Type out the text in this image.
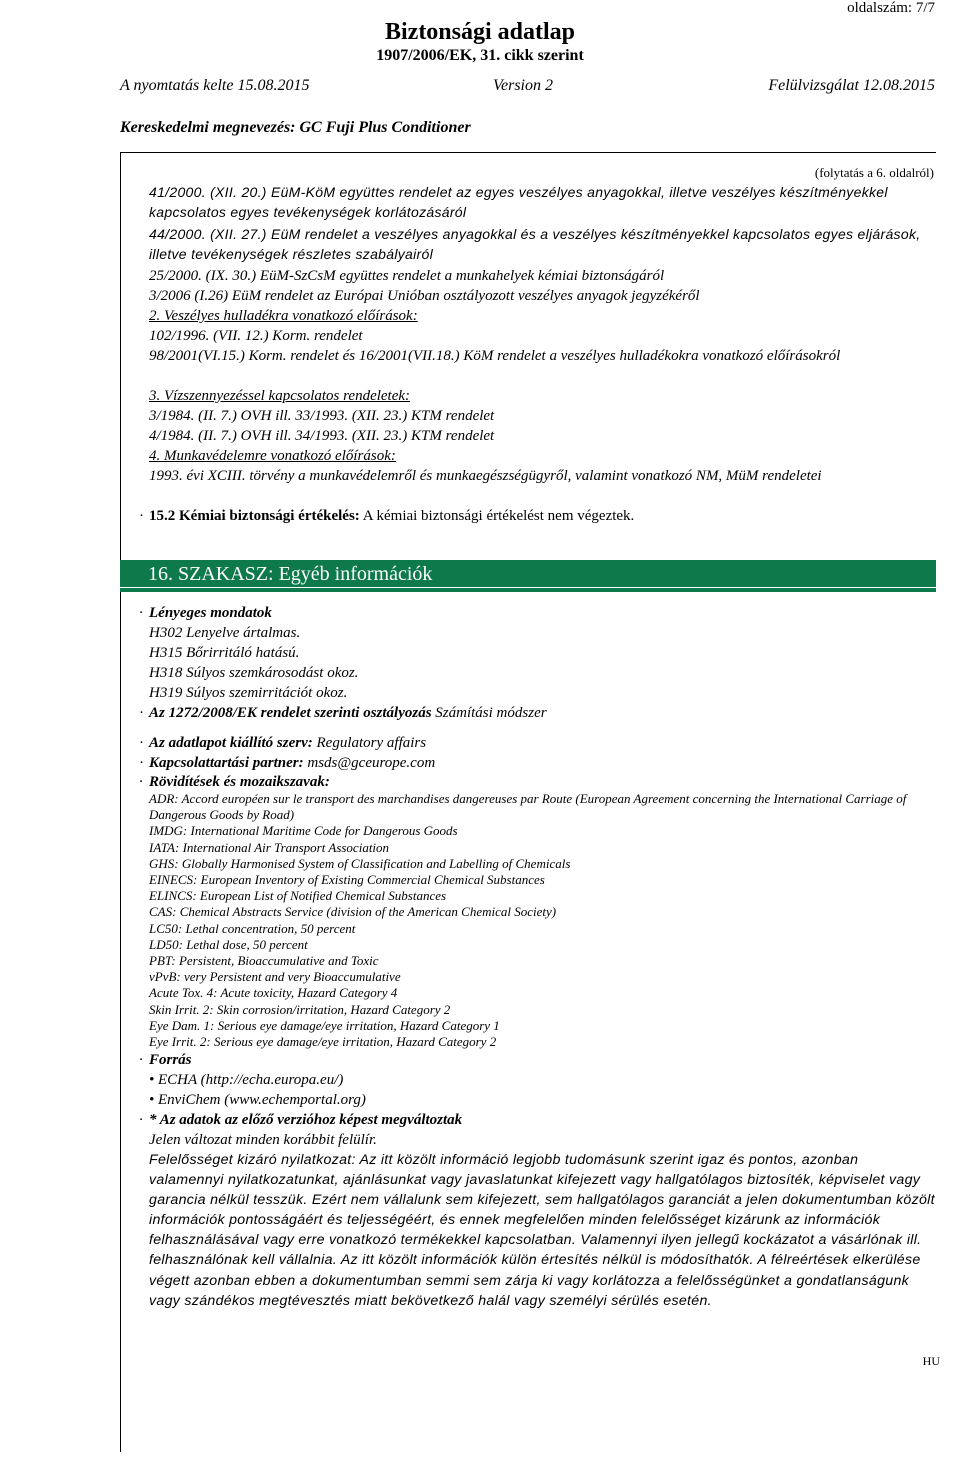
oldalszám: 7/7
Biztonsági adatlap
1907/2006/EK, 31. cikk szerint
A nyomtatás kelte 15.08.2015	Version 2	Felülvizsgálat 12.08.2015
Kereskedelmi megnevezés: GC Fuji Plus Conditioner
(folytatás a 6. oldalról)
41/2000. (XII. 20.) EüM-KöM együttes rendelet az egyes veszélyes anyagokkal, illetve veszélyes készítményekkel kapcsolatos egyes tevékenységek korlátozásáról
44/2000. (XII. 27.) EüM rendelet a veszélyes anyagokkal és a veszélyes készítményekkel kapcsolatos egyes eljárások, illetve tevékenységek részletes szabályairól
25/2000. (IX. 30.) EüM-SzCsM együttes rendelet a munkahelyek kémiai biztonságáról
3/2006 (I.26) EüM rendelet az Európai Unióban osztályozott veszélyes anyagok jegyzékéről
2. Veszélyes hulladékra vonatkozó előírások:
102/1996. (VII. 12.) Korm. rendelet
98/2001(VI.15.) Korm. rendelet és 16/2001(VII.18.) KöM rendelet a veszélyes hulladékokra vonatkozó előírásokról
3. Vízszennyezéssel kapcsolatos rendeletek:
3/1984. (II. 7.) OVH ill. 33/1993. (XII. 23.) KTM rendelet
4/1984. (II. 7.) OVH ill. 34/1993. (XII. 23.) KTM rendelet
4. Munkavédelemre vonatkozó előírások:
1993. évi XCIII. törvény a munkavédelemről és munkaegészségügyről, valamint vonatkozó NM, MüM rendeletei
· 15.2 Kémiai biztonsági értékelés: A kémiai biztonsági értékelést nem végeztek.
16. SZAKASZ: Egyéb információk
· Lényeges mondatok
H302 Lenyelve ártalmas.
H315 Bőrirritáló hatású.
H318 Súlyos szemkárosodást okoz.
H319 Súlyos szemirritációt okoz.
· Az 1272/2008/EK rendelet szerinti osztályozás Számítási módszer
· Az adatlapot kiállító szerv: Regulatory affairs
· Kapcsolattartási partner: msds@gceurope.com
· Rövidítések és mozaikszavak:
ADR: Accord européen sur le transport des marchandises dangereuses par Route (European Agreement concerning the International Carriage of Dangerous Goods by Road)
IMDG: International Maritime Code for Dangerous Goods
IATA: International Air Transport Association
GHS: Globally Harmonised System of Classification and Labelling of Chemicals
EINECS: European Inventory of Existing Commercial Chemical Substances
ELINCS: European List of Notified Chemical Substances
CAS: Chemical Abstracts Service (division of the American Chemical Society)
LC50: Lethal concentration, 50 percent
LD50: Lethal dose, 50 percent
PBT: Persistent, Bioaccumulative and Toxic
vPvB: very Persistent and very Bioaccumulative
Acute Tox. 4: Acute toxicity, Hazard Category 4
Skin Irrit. 2: Skin corrosion/irritation, Hazard Category 2
Eye Dam. 1: Serious eye damage/eye irritation, Hazard Category 1
Eye Irrit. 2: Serious eye damage/eye irritation, Hazard Category 2
· Forrás
• ECHA (http://echa.europa.eu/)
• EnviChem (www.echemportal.org)
· * Az adatok az előző verzióhoz képest megváltoztak
Jelen változat minden korábbit felülír.
Felelősséget kizáró nyilatkozat: Az itt közölt információ legjobb tudomásunk szerint igaz és pontos, azonban valamennyi nyilatkozatunkat, ajánlásunkat vagy javaslatunkat kifejezett vagy hallgatólagos biztosíték, képviselet vagy garancia nélkül tesszük. Ezért nem vállalunk sem kifejezett, sem hallgatólagos garanciát a jelen dokumentumban közölt információk pontosságáért és teljességéért, és ennek megfelelően minden felelősséget kizárunk az információk felhasználásával vagy erre vonatkozó termékekkel kapcsolatban. Valamennyi ilyen jellegű kockázatot a vásárlónak ill. felhasználónak kell vállalnia. Az itt közölt információk külön értesítés nélkül is módosíthatók. A félreértések elkerülése végett azonban ebben a dokumentumban semmi sem zárja ki vagy korlátozza a felelősségünket a gondatlanságunk vagy szándékos megtévesztés miatt bekövetkező halál vagy személyi sérülés esetén.
HU
